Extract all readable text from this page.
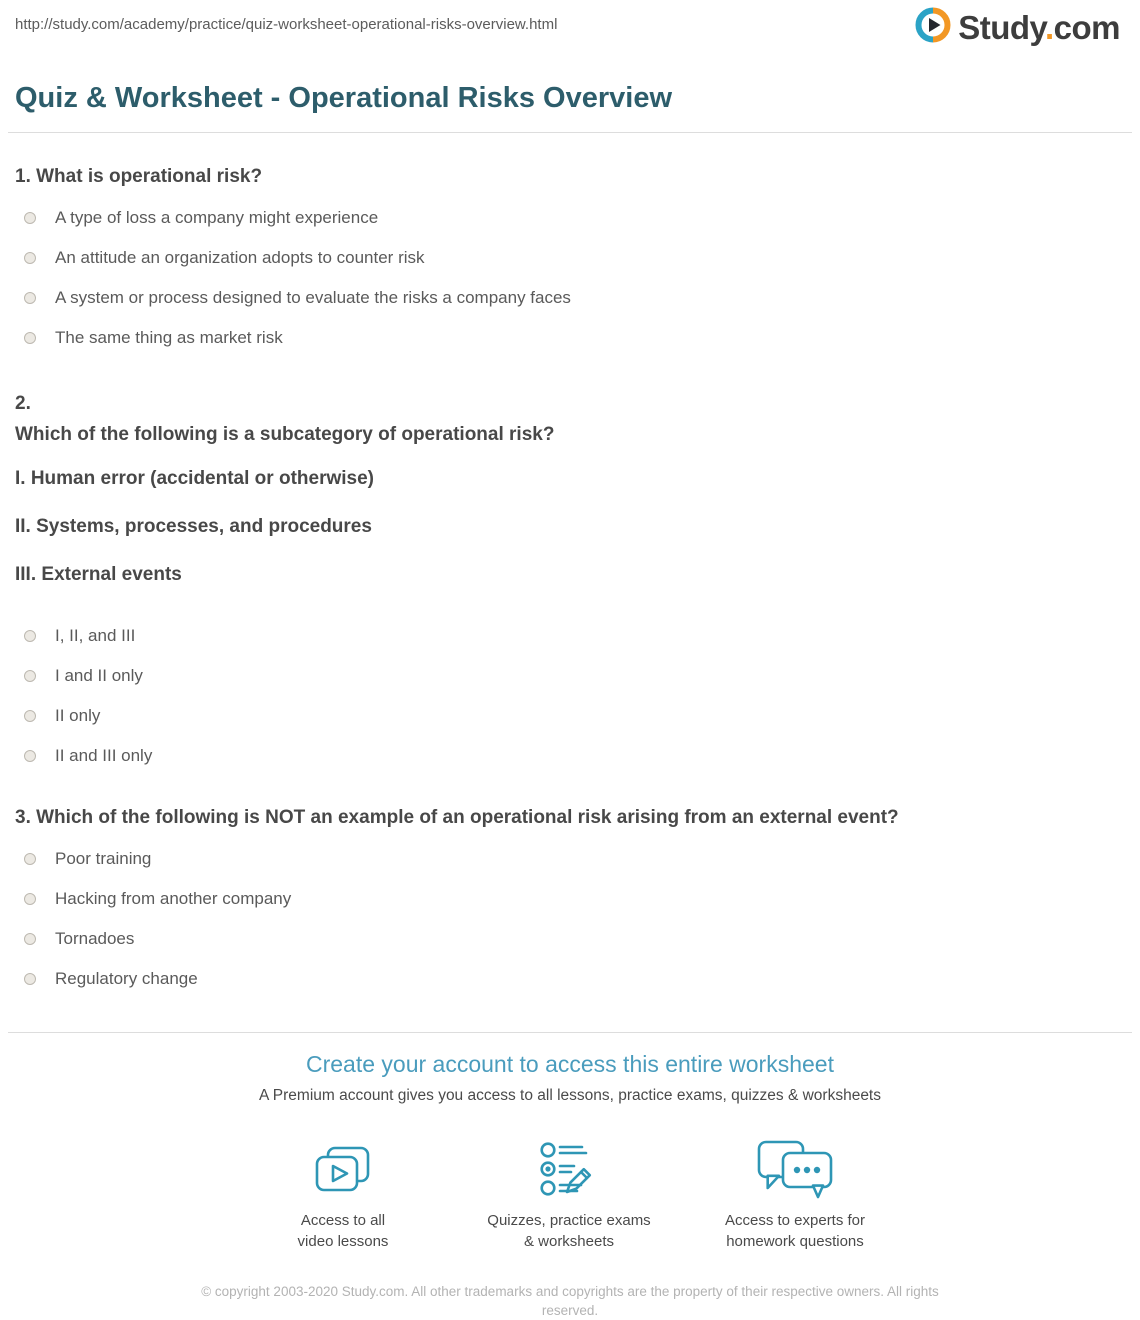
http://study.com/academy/practice/quiz-worksheet-operational-risks-overview.html	Study.com
Quiz & Worksheet - Operational Risks Overview
1. What is operational risk?
A type of loss a company might experience
An attitude an organization adopts to counter risk
A system or process designed to evaluate the risks a company faces
The same thing as market risk
2.
Which of the following is a subcategory of operational risk?
I. Human error (accidental or otherwise)
II. Systems, processes, and procedures
III. External events
I, II, and III
I and II only
II only
II and III only
3. Which of the following is NOT an example of an operational risk arising from an external event?
Poor training
Hacking from another company
Tornadoes
Regulatory change
Create your account to access this entire worksheet
A Premium account gives you access to all lessons, practice exams, quizzes & worksheets
Access to all
video lessons
Quizzes, practice exams
& worksheets
Access to experts for
homework questions
© copyright 2003-2020 Study.com. All other trademarks and copyrights are the property of their respective owners. All rights reserved.
